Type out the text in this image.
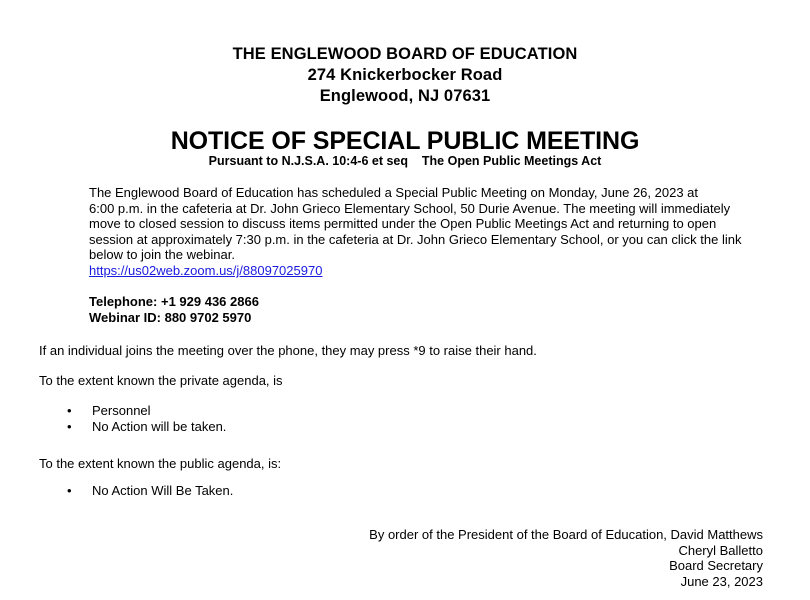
THE ENGLEWOOD BOARD OF EDUCATION
274 Knickerbocker Road
Englewood, NJ 07631
NOTICE OF SPECIAL PUBLIC MEETING
Pursuant to N.J.S.A. 10:4-6 et seq    The Open Public Meetings Act
The Englewood Board of Education has scheduled a Special Public Meeting on Monday, June 26, 2023 at
6:00 p.m. in the cafeteria at Dr. John Grieco Elementary School, 50 Durie Avenue. The meeting will immediately
move to closed session to discuss items permitted under the Open Public Meetings Act and returning to open
session at approximately 7:30 p.m. in the cafeteria at Dr. John Grieco Elementary School, or you can click the link
below to join the webinar.
https://us02web.zoom.us/j/88097025970
Telephone: +1 929 436 2866
Webinar ID: 880 9702 5970
If an individual joins the meeting over the phone, they may press *9 to raise their hand.
To the extent known the private agenda, is
• Personnel
• No Action will be taken.
To the extent known the public agenda, is:
• No Action Will Be Taken.
By order of the President of the Board of Education, David Matthews
Cheryl Balletto
Board Secretary
June 23, 2023
